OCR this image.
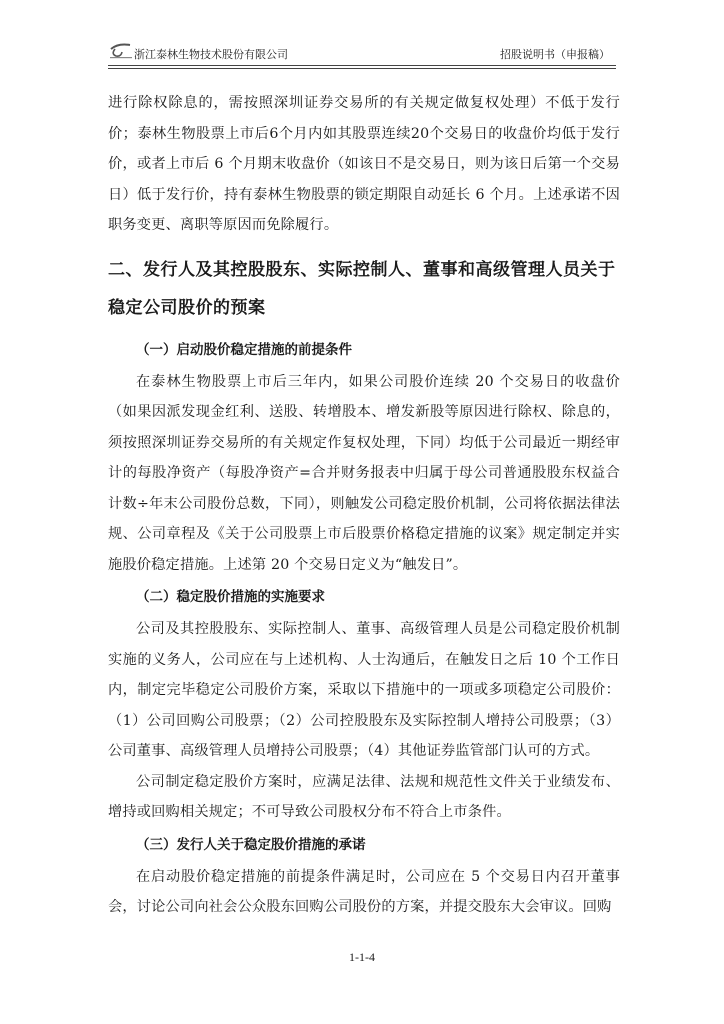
浙江泰林生物技术股份有限公司	招股说明书（申报稿）

进行除权除息的，需按照深圳证券交易所的有关规定做复权处理）不低于发行价；泰林生物股票上市后6个月内如其股票连续20个交易日的收盘价均低于发行价，或者上市后 6 个月期末收盘价（如该日不是交易日，则为该日后第一个交易日）低于发行价，持有泰林生物股票的锁定期限自动延长 6 个月。上述承诺不因职务变更、离职等原因而免除履行。

二、发行人及其控股股东、实际控制人、董事和高级管理人员关于稳定公司股价的预案
（一）启动股价稳定措施的前提条件

在泰林生物股票上市后三年内，如果公司股价连续 20 个交易日的收盘价（如果因派发现金红利、送股、转增股本、增发新股等原因进行除权、除息的，须按照深圳证券交易所的有关规定作复权处理，下同）均低于公司最近一期经审计的每股净资产（每股净资产=合并财务报表中归属于母公司普通股股东权益合计数÷年末公司股份总数，下同），则触发公司稳定股价机制，公司将依据法律法规、公司章程及《关于公司股票上市后股票价格稳定措施的议案》规定制定并实施股价稳定措施。上述第 20 个交易日定义为“触发日”。

（二）稳定股价措施的实施要求

公司及其控股股东、实际控制人、董事、高级管理人员是公司稳定股价机制实施的义务人，公司应在与上述机构、人士沟通后，在触发日之后 10 个工作日内，制定完毕稳定公司股价方案，采取以下措施中的一项或多项稳定公司股价：（1）公司回购公司股票；（2）公司控股股东及实际控制人增持公司股票；（3）公司董事、高级管理人员增持公司股票；（4）其他证券监管部门认可的方式。

公司制定稳定股价方案时，应满足法律、法规和规范性文件关于业绩发布、增持或回购相关规定；不可导致公司股权分布不符合上市条件。

（三）发行人关于稳定股价措施的承诺

在启动股价稳定措施的前提条件满足时，公司应在 5 个交易日内召开董事会，讨论公司向社会公众股东回购公司股份的方案，并提交股东大会审议。回购

1-1-4
